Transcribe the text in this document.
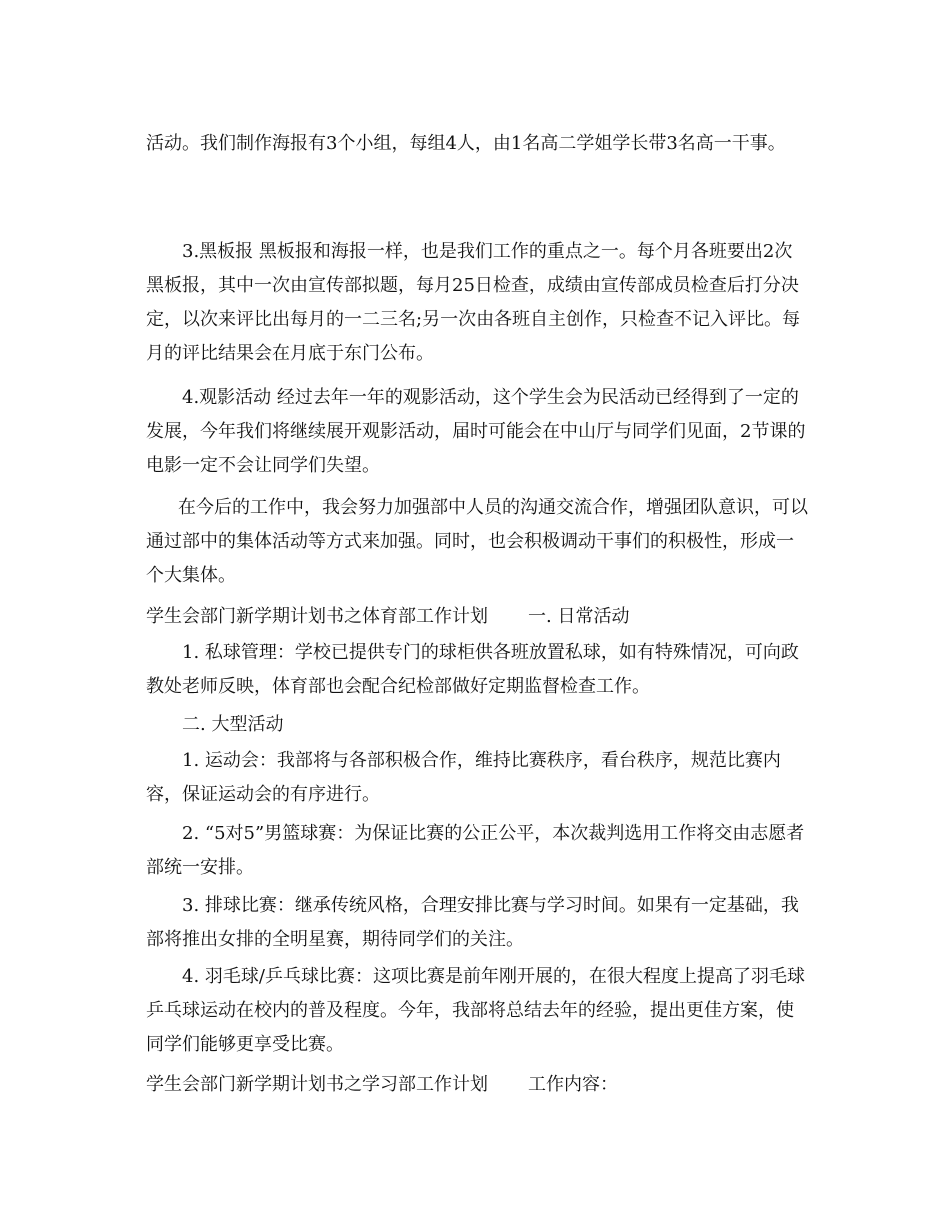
活动。我们制作海报有3个小组，每组4人，由1名高二学姐学长带3名高一干事。

3.黑板报 黑板报和海报一样，也是我们工作的重点之一。每个月各班要出2次黑板报，其中一次由宣传部拟题，每月25日检查，成绩由宣传部成员检查后打分决定，以次来评比出每月的一二三名;另一次由各班自主创作，只检查不记入评比。每月的评比结果会在月底于东门公布。

4.观影活动 经过去年一年的观影活动，这个学生会为民活动已经得到了一定的发展，今年我们将继续展开观影活动，届时可能会在中山厅与同学们见面，2节课的电影一定不会让同学们失望。

在今后的工作中，我会努力加强部中人员的沟通交流合作，增强团队意识，可以通过部中的集体活动等方式来加强。同时，也会积极调动干事们的积极性，形成一个大集体。

学生会部门新学期计划书之体育部工作计划 一. 日常活动

1. 私球管理：学校已提供专门的球柜供各班放置私球，如有特殊情况，可向政教处老师反映，体育部也会配合纪检部做好定期监督检查工作。

二. 大型活动

1. 运动会：我部将与各部积极合作，维持比赛秩序，看台秩序，规范比赛内容，保证运动会的有序进行。

2. “5对5”男篮球赛：为保证比赛的公正公平，本次裁判选用工作将交由志愿者部统一安排。

3. 排球比赛：继承传统风格，合理安排比赛与学习时间。如果有一定基础，我部将推出女排的全明星赛，期待同学们的关注。

4. 羽毛球/乒乓球比赛：这项比赛是前年刚开展的，在很大程度上提高了羽毛球乒乓球运动在校内的普及程度。今年，我部将总结去年的经验，提出更佳方案，使同学们能够更享受比赛。

学生会部门新学期计划书之学习部工作计划 工作内容：
